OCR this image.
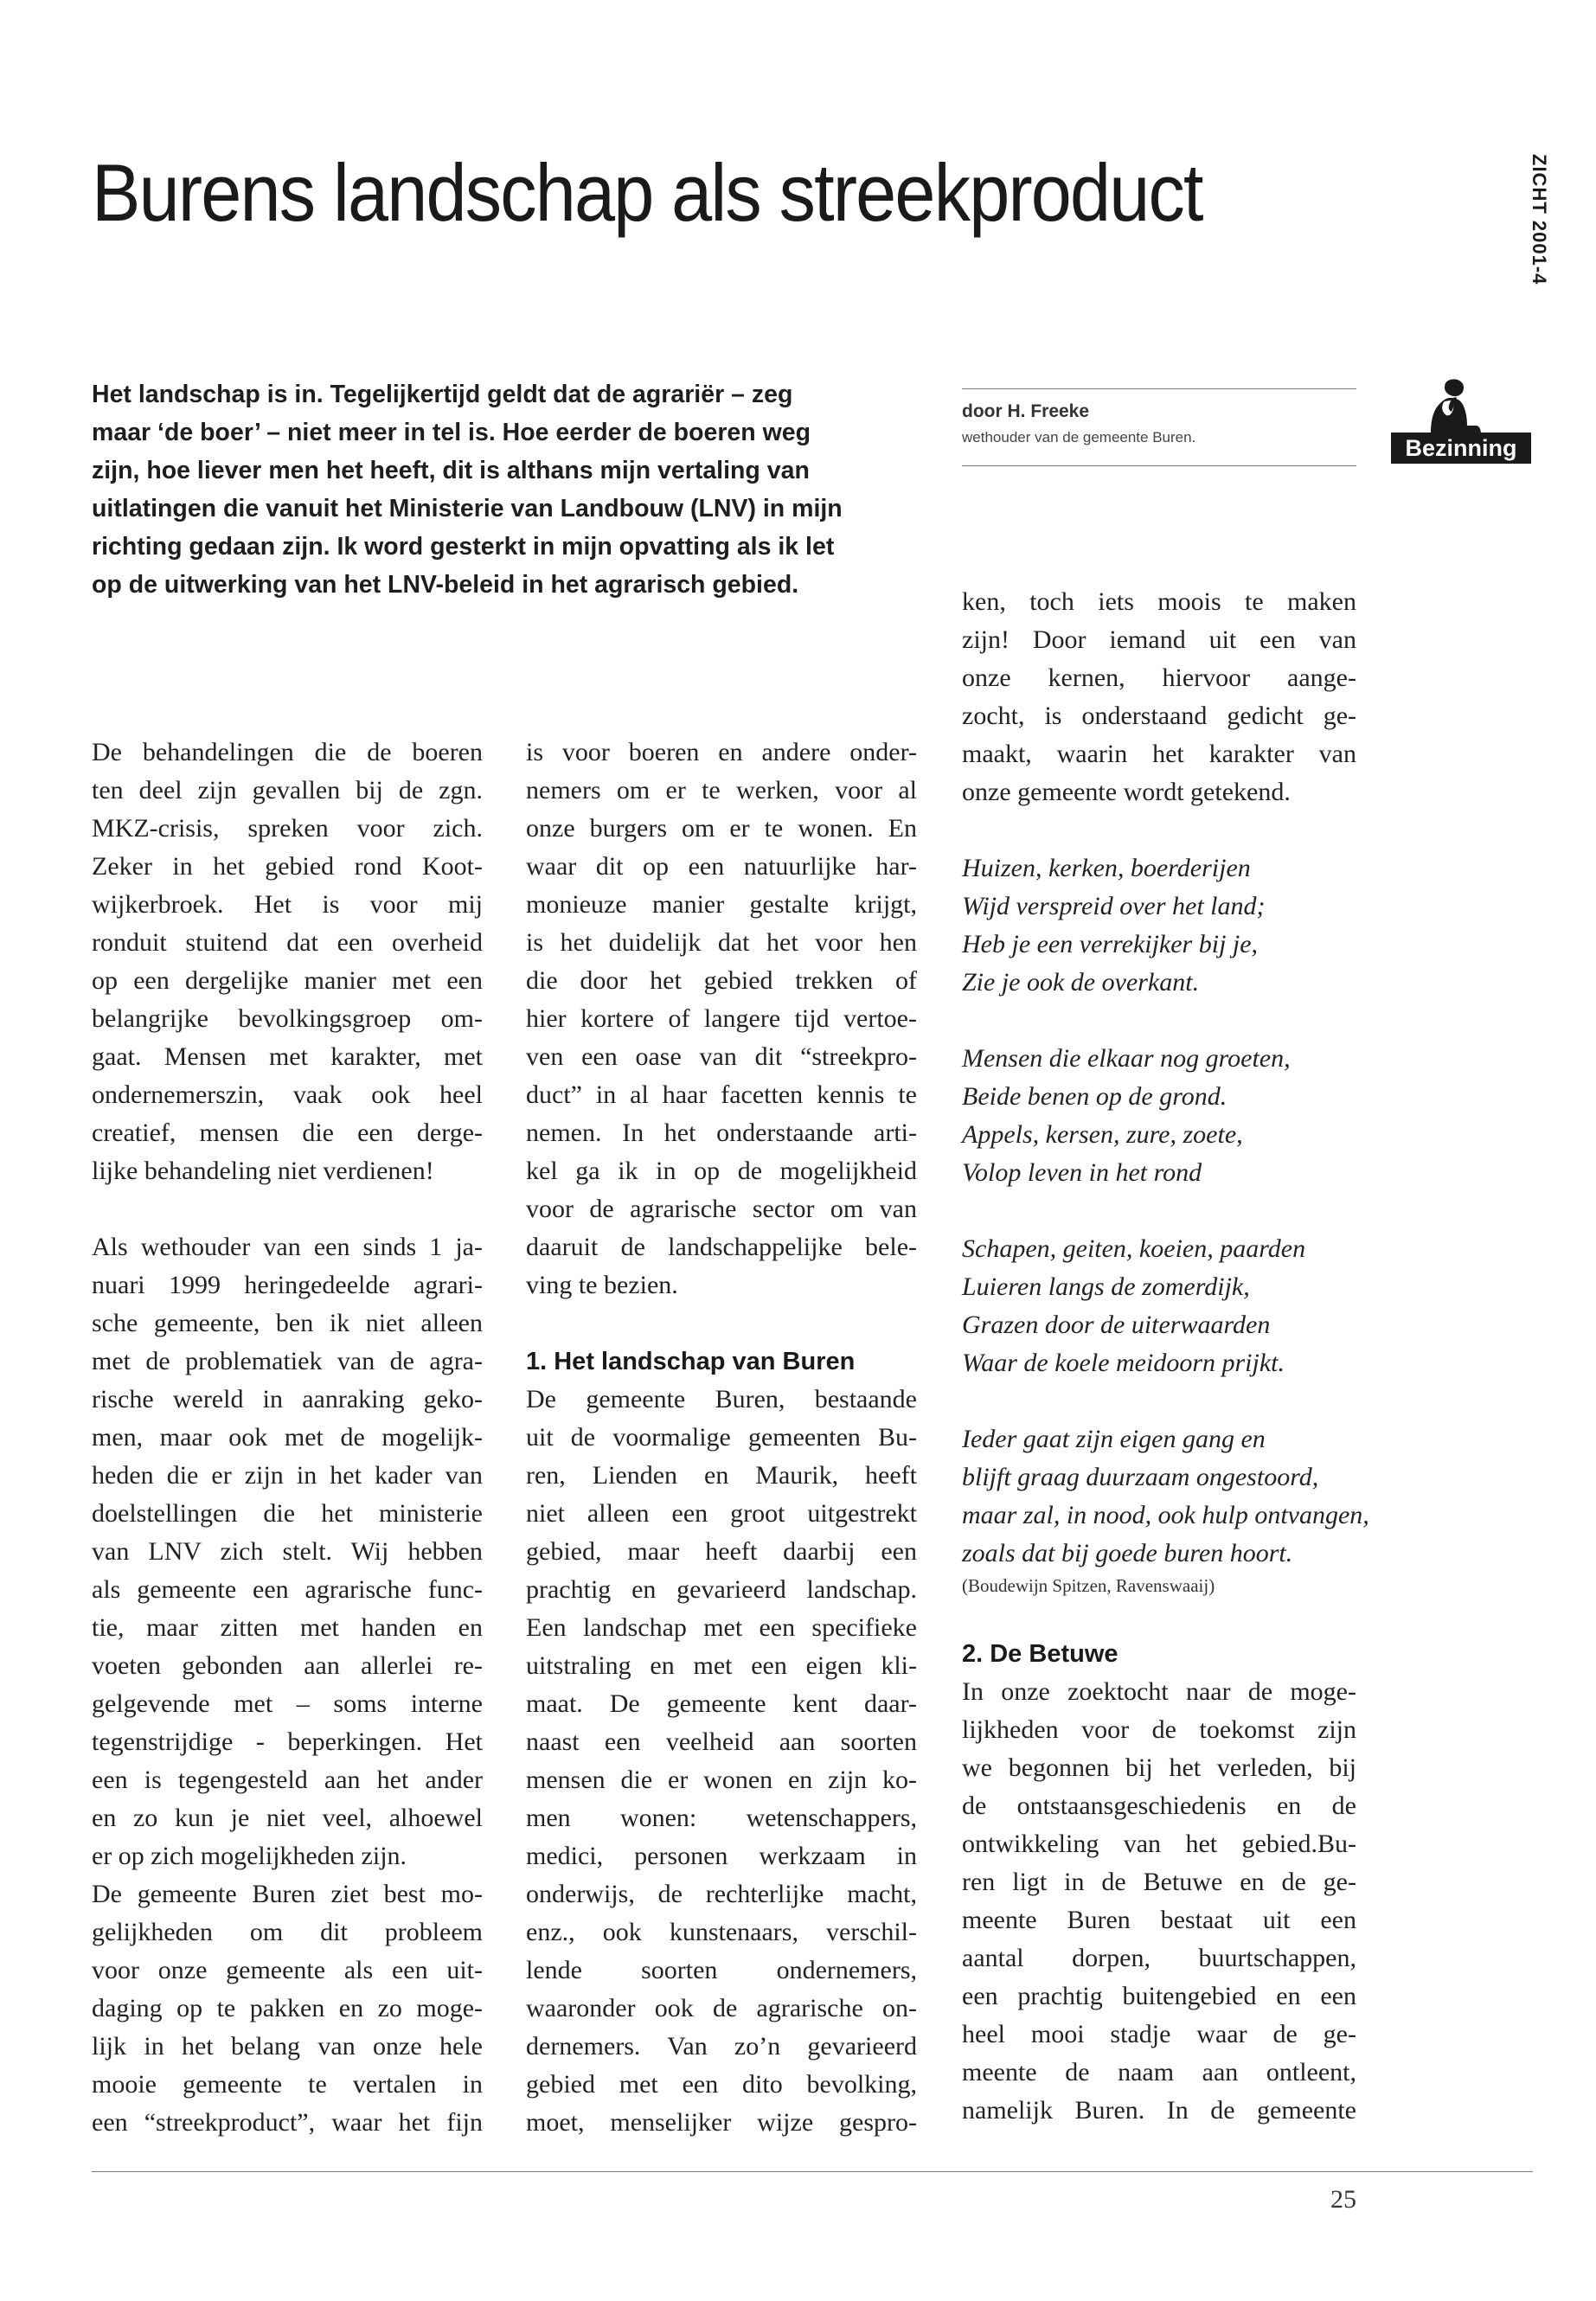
Burens landschap als streekproduct	ZICHT 2001-4
Bezinning
Het landschap is in. Tegelijkertijd geldt dat de agrariër – zeg
maar ‘de boer’ – niet meer in tel is. Hoe eerder de boeren weg
zijn, hoe liever men het heeft, dit is althans mijn vertaling van
uitlatingen die vanuit het Ministerie van Landbouw (LNV) in mijn
richting gedaan zijn. Ik word gesterkt in mijn opvatting als ik let
op de uitwerking van het LNV-beleid in het agrarisch gebied.
door H. Freeke
wethouder van de gemeente Buren.
De behandelingen die de boeren
ten deel zijn gevallen bij de zgn.
MKZ-crisis, spreken voor zich.
Zeker in het gebied rond Koot-
wijkerbroek. Het is voor mij
ronduit stuitend dat een overheid
op een dergelijke manier met een
belangrijke bevolkingsgroep om-
gaat. Mensen met karakter, met
ondernemerszin, vaak ook heel
creatief, mensen die een derge-
lijke behandeling niet verdienen!
Als wethouder van een sinds 1 ja-
nuari 1999 heringedeelde agrari-
sche gemeente, ben ik niet alleen
met de problematiek van de agra-
rische wereld in aanraking geko-
men, maar ook met de mogelijk-
heden die er zijn in het kader van
doelstellingen die het ministerie
van LNV zich stelt. Wij hebben
als gemeente een agrarische func-
tie, maar zitten met handen en
voeten gebonden aan allerlei re-
gelgevende met – soms interne
tegenstrijdige - beperkingen. Het
een is tegengesteld aan het ander
en zo kun je niet veel, alhoewel
er op zich mogelijkheden zijn.
De gemeente Buren ziet best mo-
gelijkheden om dit probleem
voor onze gemeente als een uit-
daging op te pakken en zo moge-
lijk in het belang van onze hele
mooie gemeente te vertalen in
een “streekproduct”, waar het fijn
is voor boeren en andere onder-
nemers om er te werken, voor al
onze burgers om er te wonen. En
waar dit op een natuurlijke har-
monieuze manier gestalte krijgt,
is het duidelijk dat het voor hen
die door het gebied trekken of
hier kortere of langere tijd vertoe-
ven een oase van dit “streekpro-
duct” in al haar facetten kennis te
nemen. In het onderstaande arti-
kel ga ik in op de mogelijkheid
voor de agrarische sector om van
daaruit de landschappelijke bele-
ving te bezien.
1. Het landschap van Buren
De gemeente Buren, bestaande
uit de voormalige gemeenten Bu-
ren, Lienden en Maurik, heeft
niet alleen een groot uitgestrekt
gebied, maar heeft daarbij een
prachtig en gevarieerd landschap.
Een landschap met een specifieke
uitstraling en met een eigen kli-
maat. De gemeente kent daar-
naast een veelheid aan soorten
mensen die er wonen en zijn ko-
men wonen: wetenschappers,
medici, personen werkzaam in
onderwijs, de rechterlijke macht,
enz., ook kunstenaars, verschil-
lende soorten ondernemers,
waaronder ook de agrarische on-
dernemers. Van zo’n gevarieerd
gebied met een dito bevolking,
moet, menselijker wijze gespro-
ken, toch iets moois te maken
zijn! Door iemand uit een van
onze kernen, hiervoor aange-
zocht, is onderstaand gedicht ge-
maakt, waarin het karakter van
onze gemeente wordt getekend.
Huizen, kerken, boerderijen
Wijd verspreid over het land;
Heb je een verrekijker bij je,
Zie je ook de overkant.
Mensen die elkaar nog groeten,
Beide benen op de grond.
Appels, kersen, zure, zoete,
Volop leven in het rond
Schapen, geiten, koeien, paarden
Luieren langs de zomerdijk,
Grazen door de uiterwaarden
Waar de koele meidoorn prijkt.
Ieder gaat zijn eigen gang en
blijft graag duurzaam ongestoord,
maar zal, in nood, ook hulp ontvangen,
zoals dat bij goede buren hoort.
(Boudewijn Spitzen, Ravenswaaij)
2. De Betuwe
In onze zoektocht naar de moge-
lijkheden voor de toekomst zijn
we begonnen bij het verleden, bij
de ontstaansgeschiedenis en de
ontwikkeling van het gebied.Bu-
ren ligt in de Betuwe en de ge-
meente Buren bestaat uit een
aantal dorpen, buurtschappen,
een prachtig buitengebied en een
heel mooi stadje waar de ge-
meente de naam aan ontleent,
namelijk Buren. In de gemeente
25
